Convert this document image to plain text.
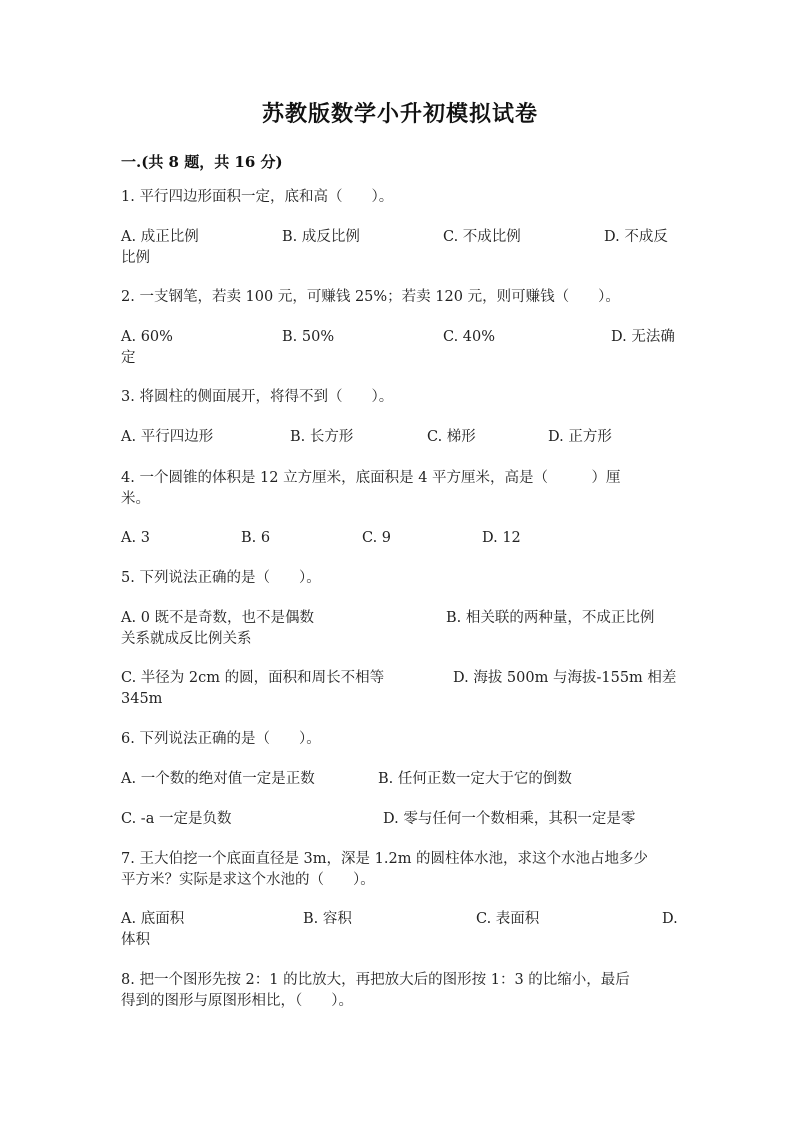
苏教版数学小升初模拟试卷
一.(共 8 题，共 16 分)
1. 平行四边形面积一定，底和高（　　）。
A. 成正比例	B. 成反比例	C. 不成比例	D. 不成反
比例
2. 一支钢笔，若卖 100 元，可赚钱 25%；若卖 120 元，则可赚钱（　　）。
A. 60%	B. 50%	C. 40%	D. 无法确
定
3. 将圆柱的侧面展开，将得不到（　　）。
A. 平行四边形	B. 长方形	C. 梯形	D. 正方形
4. 一个圆锥的体积是 12 立方厘米，底面积是 4 平方厘米，高是（　　　）厘
米。
A. 3	B. 6	C. 9	D. 12
5. 下列说法正确的是（　　）。
A. 0 既不是奇数，也不是偶数	B. 相关联的两种量，不成正比例
关系就成反比例关系
C. 半径为 2cm 的圆，面积和周长不相等	D. 海拔 500m 与海拔-155m 相差
345m
6. 下列说法正确的是（　　）。
A. 一个数的绝对值一定是正数	B. 任何正数一定大于它的倒数
C. -a 一定是负数	D. 零与任何一个数相乘，其积一定是零
7. 王大伯挖一个底面直径是 3m，深是 1.2m 的圆柱体水池，求这个水池占地多少
平方米？实际是求这个水池的（　　）。
A. 底面积	B. 容积	C. 表面积	D.
体积
8. 把一个图形先按 2：1 的比放大，再把放大后的图形按 1：3 的比缩小，最后
得到的图形与原图形相比，（　　）。
